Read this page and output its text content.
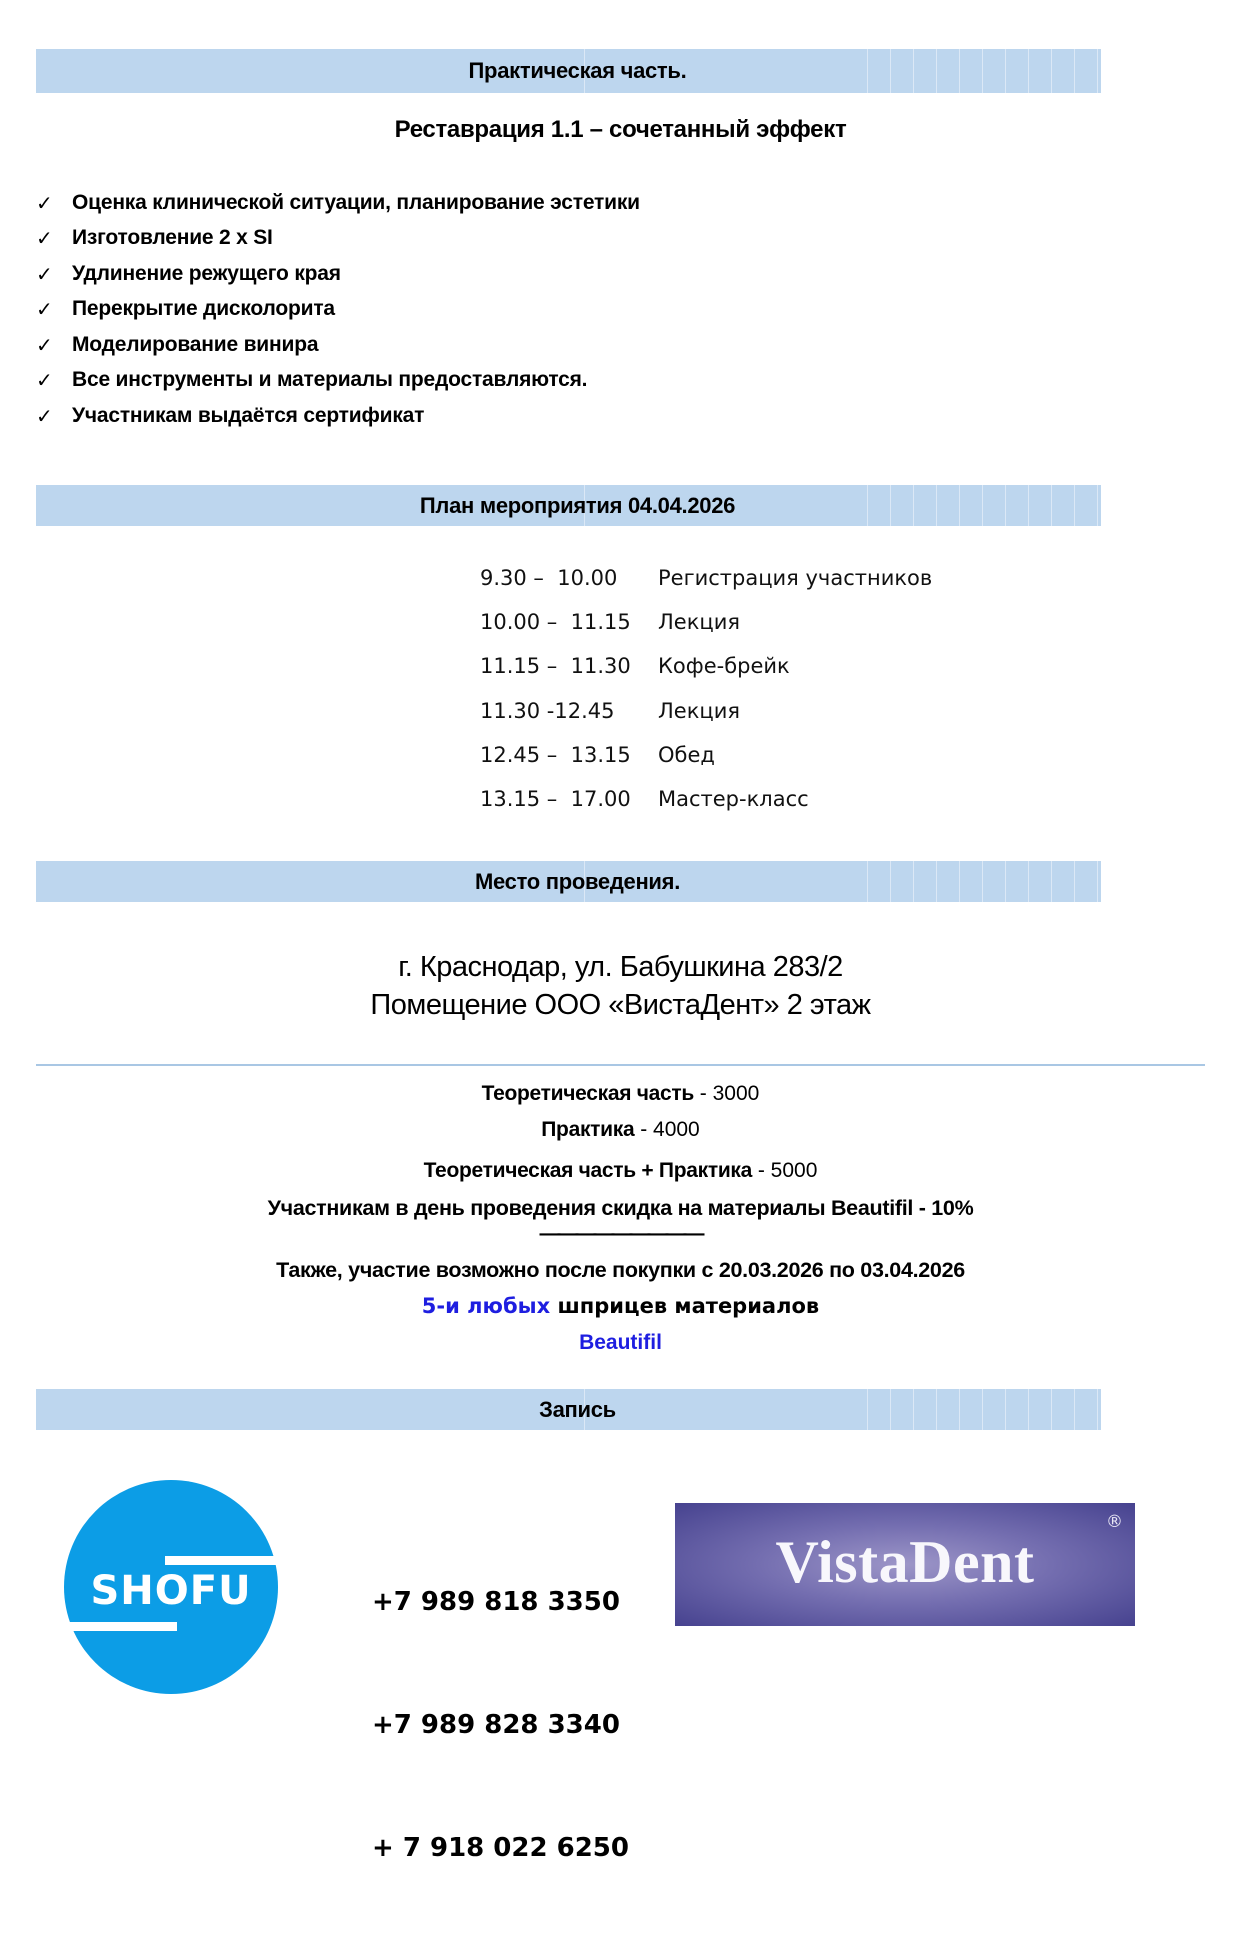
Практическая часть.
Реставрация 1.1 – сочетанный эффект
✓ Оценка клинической ситуации, планирование эстетики
✓ Изготовление 2 x SI
✓ Удлинение режущего края
✓ Перекрытие дисколорита
✓ Моделирование винира
✓ Все инструменты и материалы предоставляются.
✓ Участникам выдаётся сертификат
План мероприятия 04.04.2026
9.30 –  10.00	Регистрация участников
10.00 –  11.15	Лекция
11.15 –  11.30	Кофе-брейк
11.30 -12.45	Лекция
12.45 –  13.15	Обед
13.15 –  17.00	Мастер-класс
Место проведения.
г. Краснодар, ул. Бабушкина 283/2
Помещение ООО «ВистаДент» 2 этаж
Теоретическая часть - 3000
Практика - 4000
Теоретическая часть + Практика - 5000
Участникам в день проведения скидка на материалы Beautifil - 10%
—————————
Также, участие возможно после покупки с 20.03.2026 по 03.04.2026
5-и любых шприцев материалов
Beautifil
Запись
SHOFU

	+7 989 818 3350

+7 989 828 3340

+ 7 918 022 6250

VistaDent
®
